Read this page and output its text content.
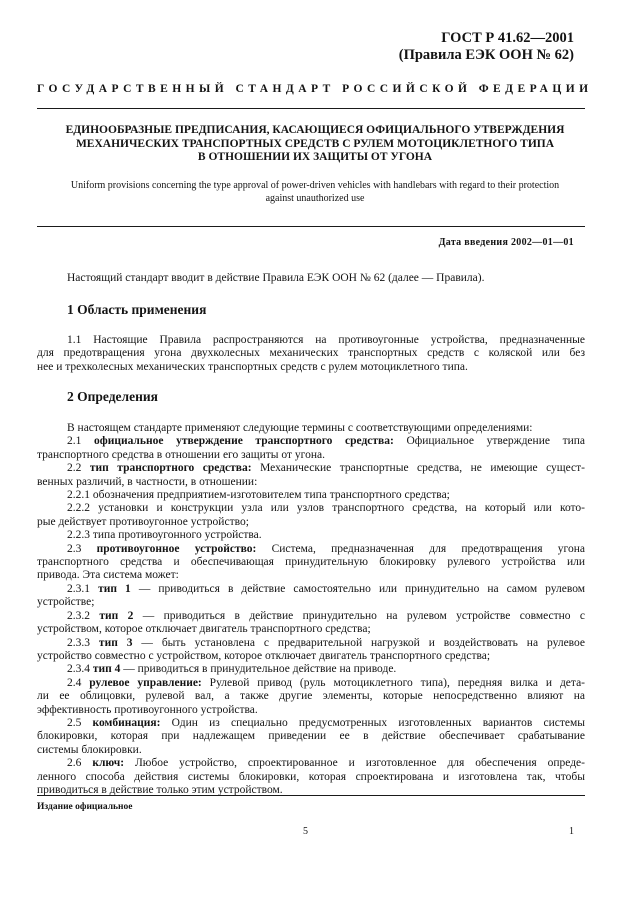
ГОСТ Р 41.62—2001
(Правила ЕЭК ООН № 62)
ГОСУДАРСТВЕННЫЙ СТАНДАРТ РОССИЙСКОЙ ФЕДЕРАЦИИ
ЕДИНООБРАЗНЫЕ ПРЕДПИСАНИЯ, КАСАЮЩИЕСЯ ОФИЦИАЛЬНОГО УТВЕРЖДЕНИЯ
МЕХАНИЧЕСКИХ ТРАНСПОРТНЫХ СРЕДСТВ С РУЛЕМ МОТОЦИКЛЕТНОГО ТИПА
В ОТНОШЕНИИ ИХ ЗАЩИТЫ ОТ УГОНА
Uniform provisions concerning the type approval of power-driven vehicles with handlebars with regard to their protection
against unauthorized use
Дата введения 2002—01—01
Настоящий стандарт вводит в действие Правила ЕЭК ООН № 62 (далее — Правила).
1 Область применения
1.1 Настоящие Правила распространяются на противоугонные устройства, предназначенные
для предотвращения угона двухколесных механических транспортных средств с коляской или без
нее и трехколесных механических транспортных средств с рулем мотоциклетного типа.
2 Определения
В настоящем стандарте применяют следующие термины с соответствующими определениями:
2.1 официальное утверждение транспортного средства: Официальное утверждение типа
транспортного средства в отношении его защиты от угона.
2.2 тип транспортного средства: Механические транспортные средства, не имеющие сущест-
венных различий, в частности, в отношении:
2.2.1 обозначения предприятием-изготовителем типа транспортного средства;
2.2.2 установки и конструкции узла или узлов транспортного средства, на который или кото-
рые действует противоугонное устройство;
2.2.3 типа противоугонного устройства.
2.3 противоугонное устройство: Система, предназначенная для предотвращения угона
транспортного средства и обеспечивающая принудительную блокировку рулевого устройства или
привода. Эта система может:
2.3.1 тип 1 — приводиться в действие самостоятельно или принудительно на самом рулевом
устройстве;
2.3.2 тип 2 — приводиться в действие принудительно на рулевом устройстве совместно с
устройством, которое отключает двигатель транспортного средства;
2.3.3 тип 3 — быть установлена с предварительной нагрузкой и воздействовать на рулевое
устройство совместно с устройством, которое отключает двигатель транспортного средства;
2.3.4 тип 4 — приводиться в принудительное действие на приводе.
2.4 рулевое управление: Рулевой привод (руль мотоциклетного типа), передняя вилка и дета-
ли ее облицовки, рулевой вал, а также другие элементы, которые непосредственно влияют на
эффективность противоугонного устройства.
2.5 комбинация: Один из специально предусмотренных изготовленных вариантов системы
блокировки, которая при надлежащем приведении ее в действие обеспечивает срабатывание
системы блокировки.
2.6 ключ: Любое устройство, спроектированное и изготовленное для обеспечения опреде-
ленного способа действия системы блокировки, которая спроектирована и изготовлена так, чтобы
приводиться в действие только этим устройством.
Издание официальное
5	1
